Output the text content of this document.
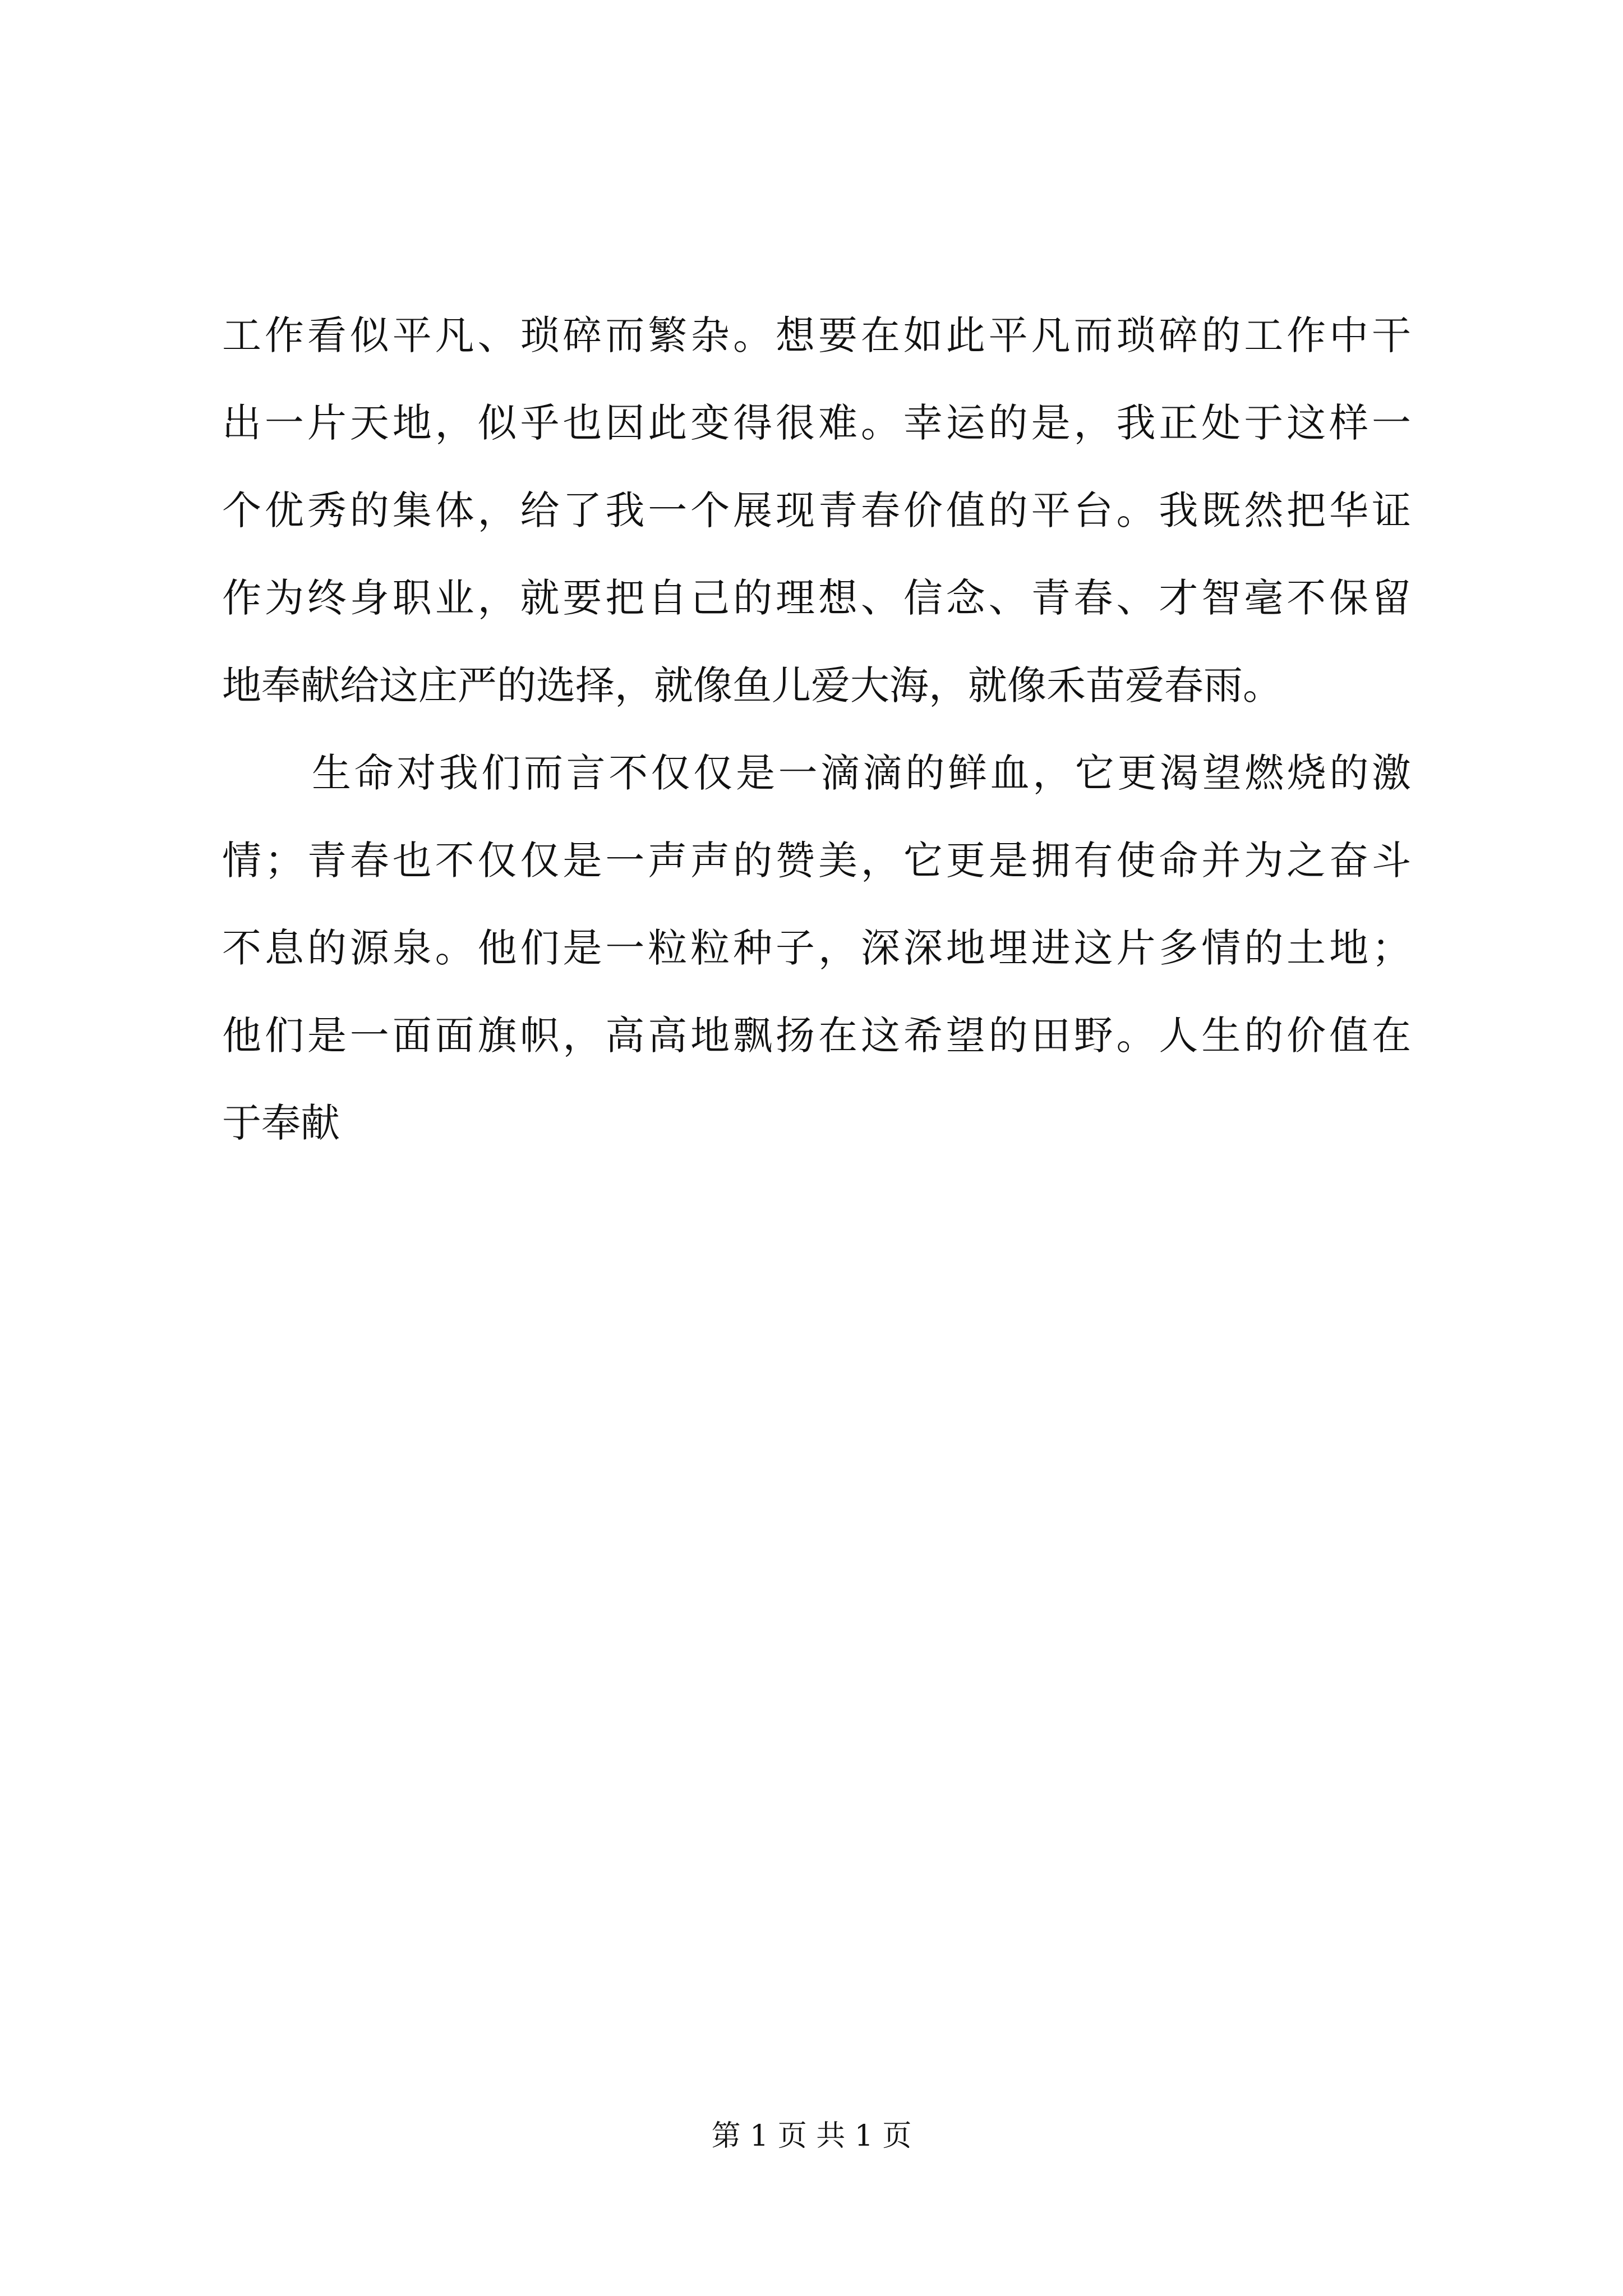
工作看似平凡、琐碎而繁杂。想要在如此平凡而琐碎的工作中干
出一片天地，似乎也因此变得很难。幸运的是，我正处于这样一
个优秀的集体，给了我一个展现青春价值的平台。我既然把华证
作为终身职业，就要把自己的理想、信念、青春、才智毫不保留
地奉献给这庄严的选择，就像鱼儿爱大海，就像禾苗爱春雨。
生命对我们而言不仅仅是一滴滴的鲜血，它更渴望燃烧的激
情；青春也不仅仅是一声声的赞美，它更是拥有使命并为之奋斗
不息的源泉。他们是一粒粒种子，深深地埋进这片多情的土地；
他们是一面面旗帜，高高地飘扬在这希望的田野。人生的价值在
于奉献
第 1 页 共 1 页
